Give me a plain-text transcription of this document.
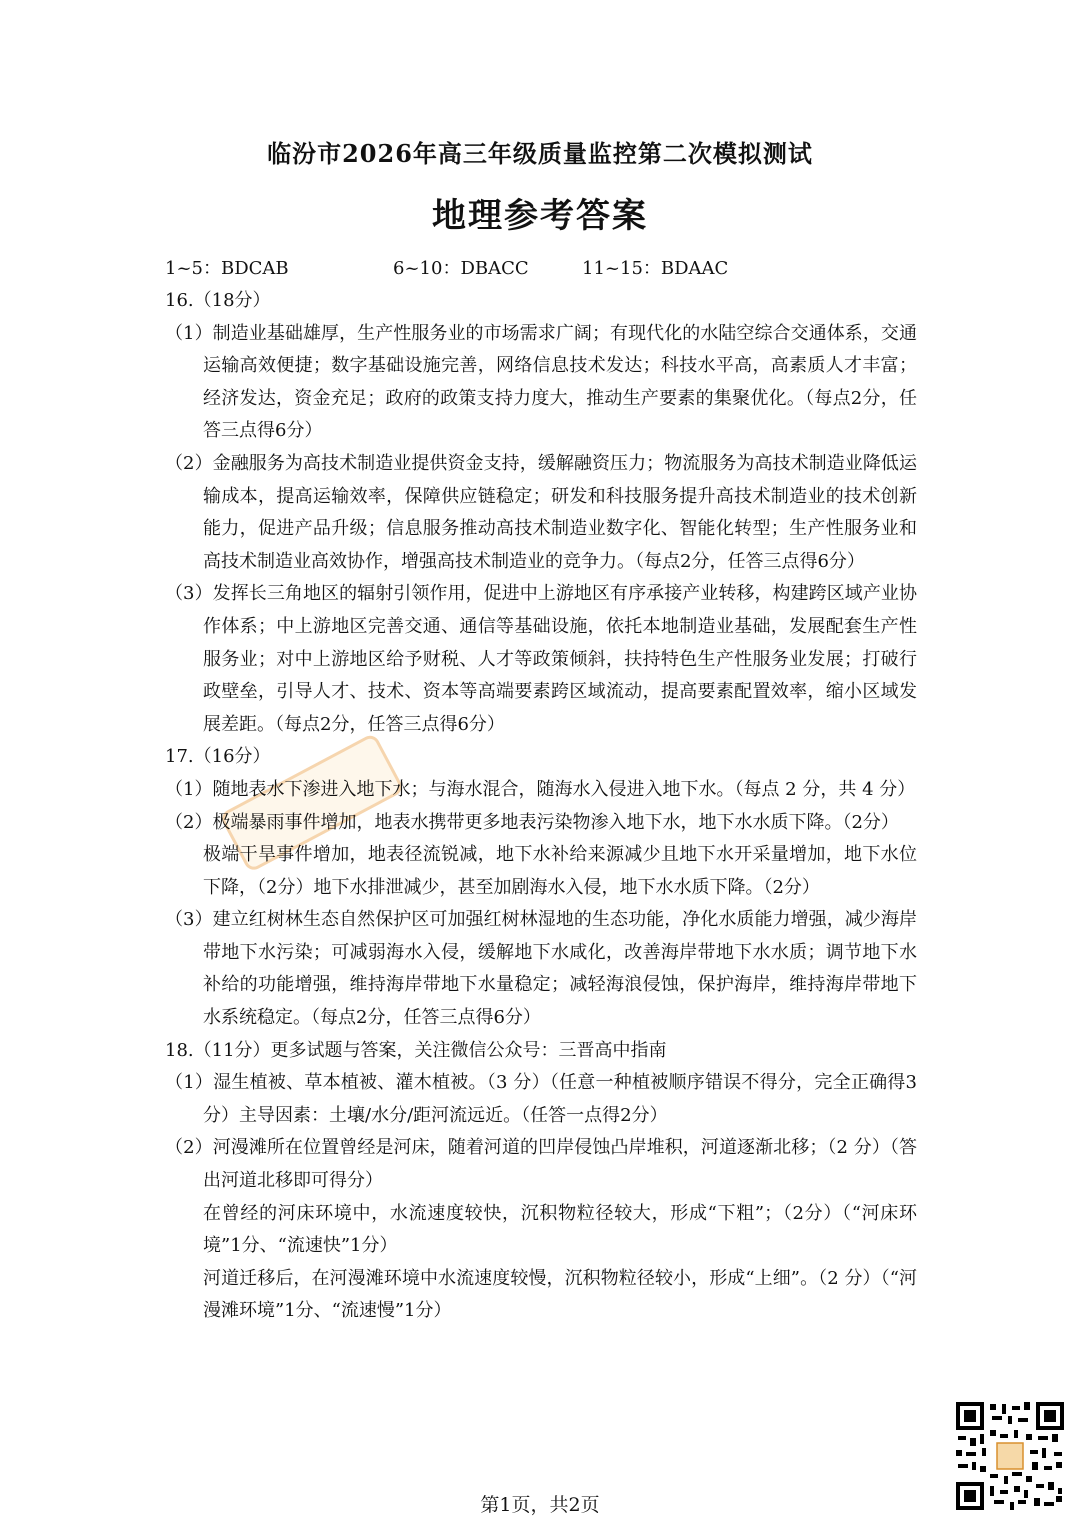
临汾市2026年高三年级质量监控第二次模拟测试
地理参考答案
1~5：BDCAB	6~10：DBACC	11~15：BDAAC

16.（18分）

（1）制造业基础雄厚，生产性服务业的市场需求广阔；有现代化的水陆空综合交通体系，交通运输高效便捷；数字基础设施完善，网络信息技术发达；科技水平高，高素质人才丰富；经济发达，资金充足；政府的政策支持力度大，推动生产要素的集聚优化。（每点2分，任答三点得6分）

（2）金融服务为高技术制造业提供资金支持，缓解融资压力；物流服务为高技术制造业降低运输成本，提高运输效率，保障供应链稳定；研发和科技服务提升高技术制造业的技术创新能力，促进产品升级；信息服务推动高技术制造业数字化、智能化转型；生产性服务业和高技术制造业高效协作，增强高技术制造业的竞争力。（每点2分，任答三点得6分）

（3）发挥长三角地区的辐射引领作用，促进中上游地区有序承接产业转移，构建跨区域产业协作体系；中上游地区完善交通、通信等基础设施，依托本地制造业基础，发展配套生产性服务业；对中上游地区给予财税、人才等政策倾斜，扶持特色生产性服务业发展；打破行政壁垒，引导人才、技术、资本等高端要素跨区域流动，提高要素配置效率，缩小区域发展差距。（每点2分，任答三点得6分）

17.（16分）

（1）随地表水下渗进入地下水；与海水混合，随海水入侵进入地下水。（每点 2 分，共 4 分）

（2）极端暴雨事件增加，地表水携带更多地表污染物渗入地下水，地下水水质下降。（2分）

极端干旱事件增加，地表径流锐减，地下水补给来源减少且地下水开采量增加，地下水位下降，（2分）地下水排泄减少，甚至加剧海水入侵，地下水水质下降。（2分）

（3）建立红树林生态自然保护区可加强红树林湿地的生态功能，净化水质能力增强，减少海岸带地下水污染；可减弱海水入侵，缓解地下水咸化，改善海岸带地下水水质；调节地下水补给的功能增强，维持海岸带地下水量稳定；减轻海浪侵蚀，保护海岸，维持海岸带地下水系统稳定。（每点2分，任答三点得6分）

18.（11分）更多试题与答案，关注微信公众号：三晋高中指南

（1）湿生植被、草本植被、灌木植被。（3 分）（任意一种植被顺序错误不得分，完全正确得3分）主导因素：土壤/水分/距河流远近。（任答一点得2分）

（2）河漫滩所在位置曾经是河床，随着河道的凹岸侵蚀凸岸堆积，河道逐渐北移；（2 分）（答出河道北移即可得分）

在曾经的河床环境中，水流速度较快，沉积物粒径较大，形成“下粗”；（2分）（“河床环境”1分、“流速快”1分）

河道迁移后，在河漫滩环境中水流速度较慢，沉积物粒径较小，形成“上细”。（2 分）（“河漫滩环境”1分、“流速慢”1分）

第1页，共2页
